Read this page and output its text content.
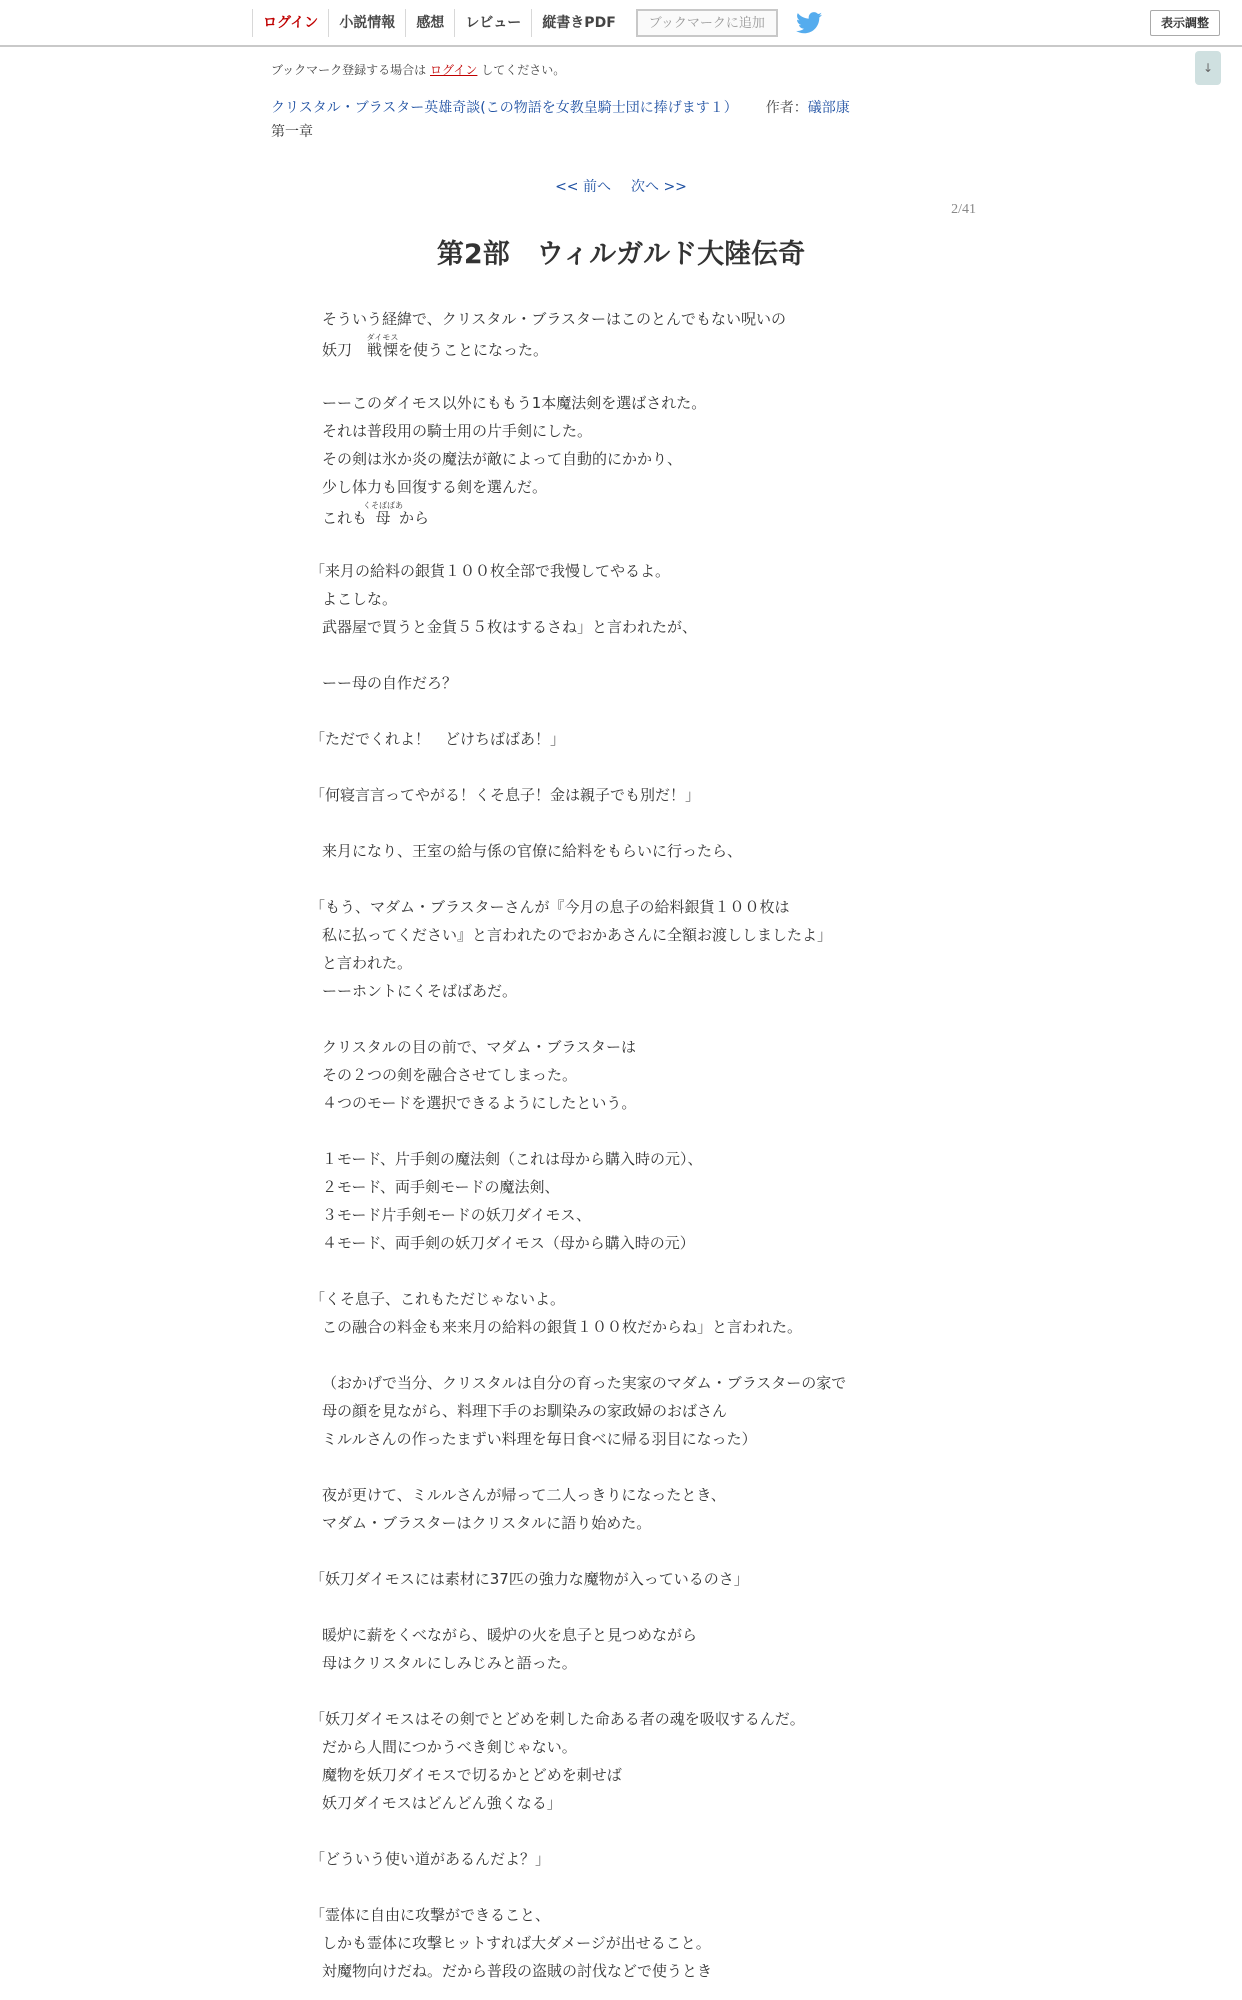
ログイン	小説情報	感想	レビュー	縦書きPDF	ブックマークに追加	表示調整
↓
ブックマーク登録する場合は ログイン してください。
クリスタル・ブラスター英雄奇談(この物語を女教皇騎士団に捧げます１） 作者：礒部康
第一章
<< 前へ 次へ >>
2/41
第2部　ウィルガルド大陸伝奇
そういう経緯で、クリスタル・ブラスターはこのとんでもない呪いの
妖刀　戦慄ダイモスを使うことになった。
ーーこのダイモス以外にももう1本魔法剣を選ばされた。
それは普段用の騎士用の片手剣にした。
その剣は氷か炎の魔法が敵によって自動的にかかり、
少し体力も回復する剣を選んだ。
これも母くそばばあから
「来月の給料の銀貨１００枚全部で我慢してやるよ。
よこしな。
武器屋で買うと金貨５５枚はするさね」と言われたが、
ーー母の自作だろ？
「ただでくれよ！　どけちばばあ！」
「何寝言言ってやがる！くそ息子！金は親子でも別だ！」
来月になり、王室の給与係の官僚に給料をもらいに行ったら、
「もう、マダム・ブラスターさんが『今月の息子の給料銀貨１００枚は
私に払ってください』と言われたのでおかあさんに全額お渡ししましたよ」
と言われた。
ーーホントにくそばばあだ。
クリスタルの目の前で、マダム・ブラスターは
その２つの剣を融合させてしまった。
４つのモードを選択できるようにしたという。
１モード、片手剣の魔法剣（これは母から購入時の元）、
２モード、両手剣モードの魔法剣、
３モード片手剣モードの妖刀ダイモス、
４モード、両手剣の妖刀ダイモス（母から購入時の元）
「くそ息子、これもただじゃないよ。
この融合の料金も来来月の給料の銀貨１００枚だからね」と言われた。
（おかげで当分、クリスタルは自分の育った実家のマダム・ブラスターの家で
母の顔を見ながら、料理下手のお馴染みの家政婦のおばさん
ミルルさんの作ったまずい料理を毎日食べに帰る羽目になった）
夜が更けて、ミルルさんが帰って二人っきりになったとき、
マダム・ブラスターはクリスタルに語り始めた。
「妖刀ダイモスには素材に37匹の強力な魔物が入っているのさ」
暖炉に薪をくべながら、暖炉の火を息子と見つめながら
母はクリスタルにしみじみと語った。
「妖刀ダイモスはその剣でとどめを刺した命ある者の魂を吸収するんだ。
だから人間につかうべき剣じゃない。
魔物を妖刀ダイモスで切るかとどめを刺せば
妖刀ダイモスはどんどん強くなる」
「どういう使い道があるんだよ？」
「霊体に自由に攻撃ができること、
しかも霊体に攻撃ヒットすれば大ダメージが出せること。
対魔物向けだね。だから普段の盗賊の討伐などで使うとき
